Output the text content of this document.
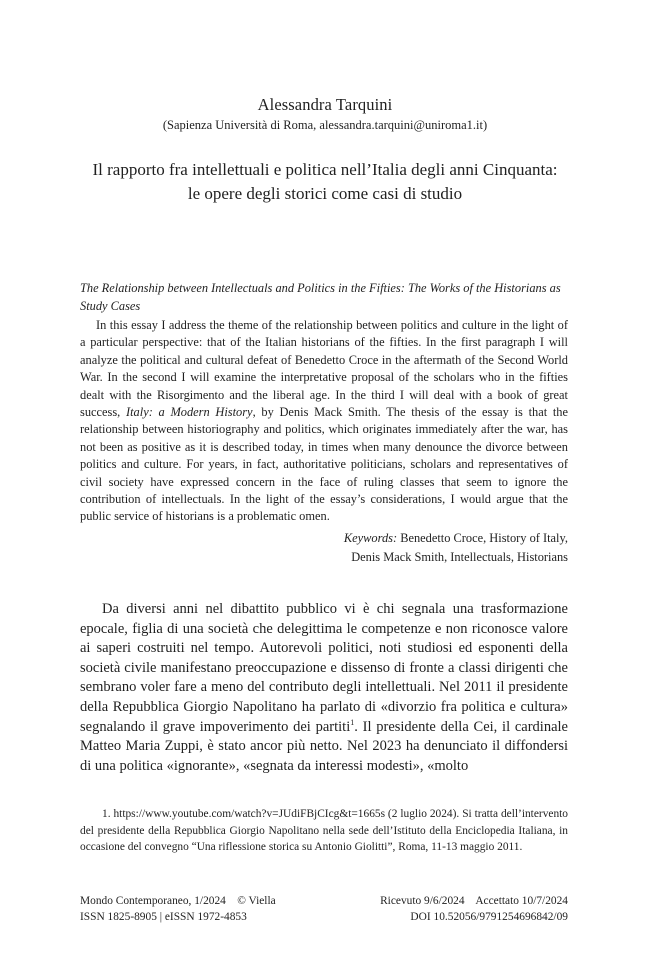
Alessandra Tarquini
(Sapienza Università di Roma, alessandra.tarquini@uniroma1.it)
Il rapporto fra intellettuali e politica nell’Italia degli anni Cinquanta:
le opere degli storici come casi di studio
The Relationship between Intellectuals and Politics in the Fifties: The Works of the Historians as Study Cases
In this essay I address the theme of the relationship between politics and culture in the light of a particular perspective: that of the Italian historians of the fifties. In the first paragraph I will analyze the political and cultural defeat of Benedetto Croce in the aftermath of the Second World War. In the second I will examine the interpretative proposal of the scholars who in the fifties dealt with the Risorgimento and the liberal age. In the third I will deal with a book of great success, Italy: a Modern History, by Denis Mack Smith. The thesis of the essay is that the relationship between historiography and politics, which originates immediately after the war, has not been as positive as it is described today, in times when many denounce the divorce between politics and culture. For years, in fact, authoritative politicians, scholars and representatives of civil society have expressed concern in the face of ruling classes that seem to ignore the contribution of intellectuals. In the light of the essay’s considerations, I would argue that the public service of historians is a problematic omen.
Keywords: Benedetto Croce, History of Italy,
Denis Mack Smith, Intellectuals, Historians
Da diversi anni nel dibattito pubblico vi è chi segnala una trasformazione epocale, figlia di una società che delegittima le competenze e non riconosce valore ai saperi costruiti nel tempo. Autorevoli politici, noti studiosi ed esponenti della società civile manifestano preoccupazione e dissenso di fronte a classi dirigenti che sembrano voler fare a meno del contributo degli intellettuali. Nel 2011 il presidente della Repubblica Giorgio Napolitano ha parlato di «divorzio fra politica e cultura» segnalando il grave impoverimento dei partiti$^1$. Il presidente della Cei, il cardinale Matteo Maria Zuppi, è stato ancor più netto. Nel 2023 ha denunciato il diffondersi di una politica «ignorante», «segnata da interessi modesti», «molto
1. https://www.youtube.com/watch?v=JUdiFBjCIcg&t=1665s (2 luglio 2024). Si tratta dell’intervento del presidente della Repubblica Giorgio Napolitano nella sede dell’Istituto della Enciclopedia Italiana, in occasione del convegno “Una riflessione storica su Antonio Giolitti”, Roma, 11-13 maggio 2011.
Mondo Contemporaneo, 1/2024    © Viella
ISSN 1825-8905 | eISSN 1972-4853
Ricevuto 9/6/2024    Accettato 10/7/2024
DOI 10.52056/9791254696842/09
